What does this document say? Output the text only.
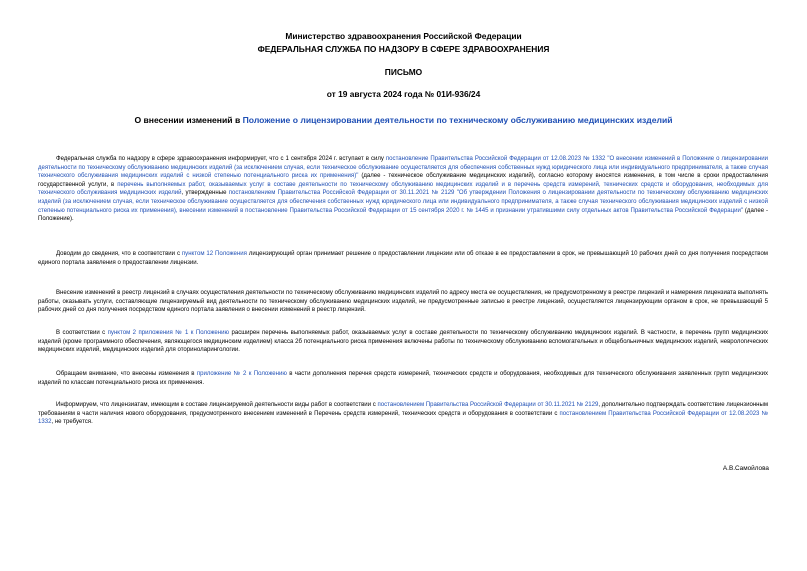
Министерство здравоохранения Российской Федерации
ФЕДЕРАЛЬНАЯ СЛУЖБА ПО НАДЗОРУ В СФЕРЕ ЗДРАВООХРАНЕНИЯ
ПИСЬМО
от 19 августа 2024 года № 01И-936/24
О внесении изменений в Положение о лицензировании деятельности по техническому обслуживанию медицинских изделий
Федеральная служба по надзору в сфере здравоохранения информирует, что с 1 сентября 2024 г. вступает в силу постановление Правительства Российской Федерации от 12.08.2023 № 1332 "О внесении изменений в Положение о лицензировании деятельности по техническому обслуживанию медицинских изделий (за исключением случая, если техническое обслуживание осуществляется для обеспечения собственных нужд юридического лица или индивидуального предпринимателя, а также случая технического обслуживания медицинских изделий с низкой степенью потенциального риска их применения)" (далее - техническое обслуживание медицинских изделий), согласно которому вносятся изменения, в том числе в сроки предоставления государственной услуги, в перечень выполняемых работ, оказываемых услуг в составе деятельности по техническому обслуживанию медицинских изделий и в перечень средств измерений, технических средств и оборудования, необходимых для технического обслуживания медицинских изделий, утвержденные постановлением Правительства Российской Федерации от 30.11.2021 № 2129 "Об утверждении Положения о лицензировании деятельности по техническому обслуживанию медицинских изделий (за исключением случая, если техническое обслуживание осуществляется для обеспечения собственных нужд юридического лица или индивидуального предпринимателя, а также случая технического обслуживания медицинских изделий с низкой степенью потенциального риска их применения), внесении изменений в постановление Правительства Российской Федерации от 15 сентября 2020 г. № 1445 и признании утратившими силу отдельных актов Правительства Российской Федерации" (далее - Положение).
Доводим до сведения, что в соответствии с пунктом 12 Положения лицензирующий орган принимает решение о предоставлении лицензии или об отказе в ее предоставлении в срок, не превышающий 10 рабочих дней со дня получения посредством единого портала заявления о предоставлении лицензии.
Внесение изменений в реестр лицензий в случаях осуществления деятельности по техническому обслуживанию медицинских изделий по адресу места ее осуществления, не предусмотренному в реестре лицензий и намерения лицензиата выполнять работы, оказывать услуги, составляющие лицензируемый вид деятельности по техническому обслуживанию медицинских изделий, не предусмотренные записью в реестре лицензий, осуществляется лицензирующим органом в срок, не превышающий 5 рабочих дней со дня получения посредством единого портала заявления о внесении изменений в реестр лицензий.
В соответствии с пунктом 2 приложения № 1 к Положению расширен перечень выполняемых работ, оказываемых услуг в составе деятельности по техническому обслуживанию медицинских изделий. В частности, в перечень групп медицинских изделий (кроме программного обеспечения, являющегося медицинским изделием) класса 2б потенциального риска применения включены работы по техническому обслуживанию вспомогательных и общебольничных медицинских изделий, неврологических медицинских изделий, медицинских изделий для оториноларингологии.
Обращаем внимание, что внесены изменения в приложение № 2 к Положению в части дополнения перечня средств измерений, технических средств и оборудования, необходимых для технического обслуживания заявленных групп медицинских изделий по классам потенциального риска их применения.
Информируем, что лицензиатам, имеющим в составе лицензируемой деятельности виды работ в соответствии с постановлением Правительства Российской Федерации от 30.11.2021 № 2129, дополнительно подтверждать соответствие лицензионным требованиям в части наличия нового оборудования, предусмотренного внесением изменений в Перечень средств измерений, технических средств и оборудования в соответствии с постановлением Правительства Российской Федерации от 12.08.2023 № 1332, не требуется.
А.В.Самойлова
